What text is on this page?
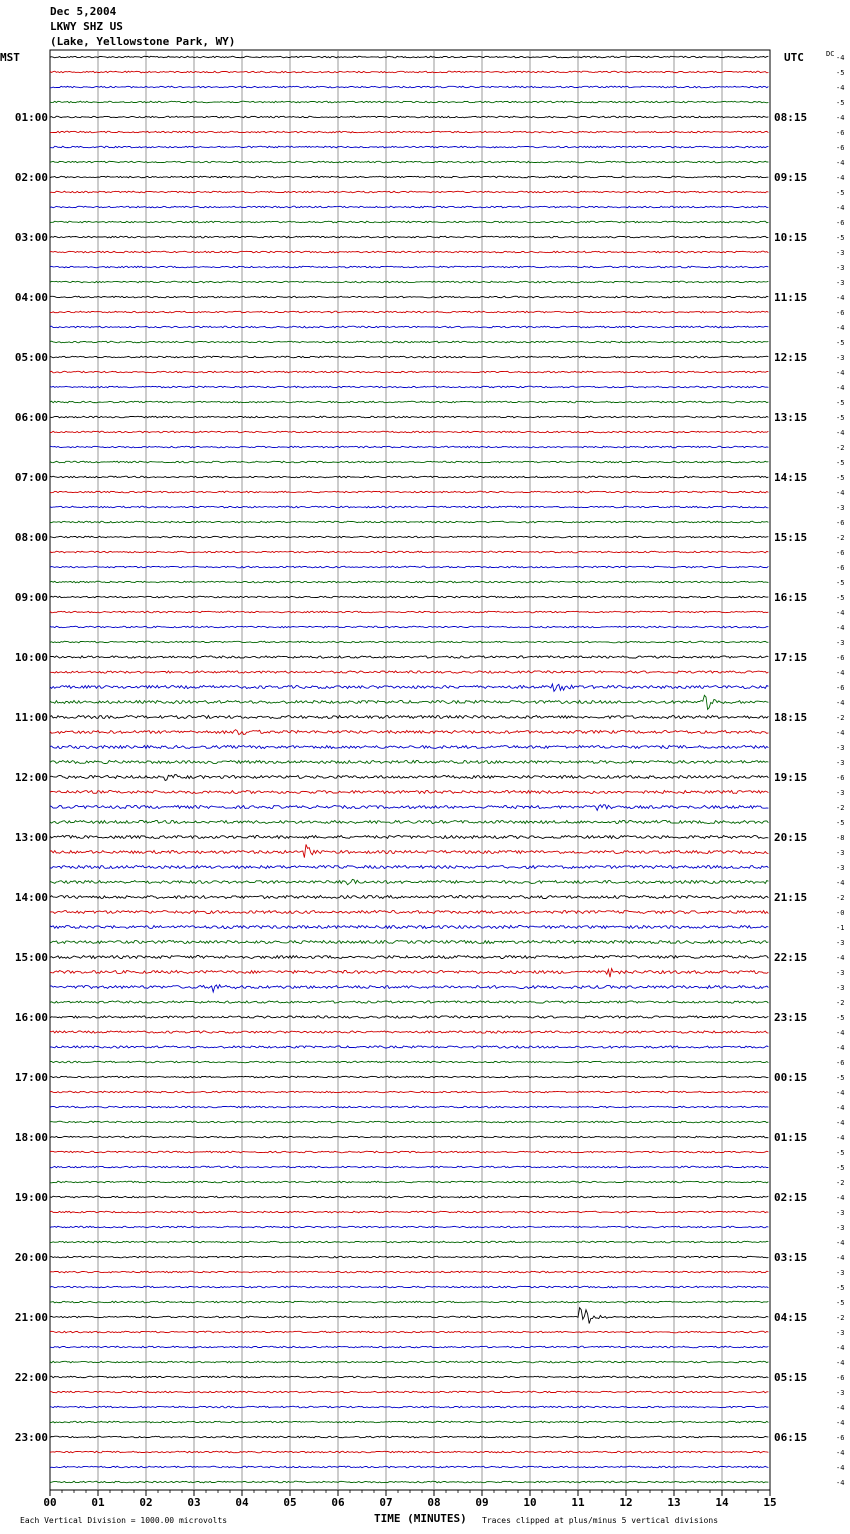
Dec 5,2004
LKWY SHZ US
(Lake, Yellowstone Park, WY)
01:00
02:00
03:00
04:00
05:00
06:00
07:00
08:00
09:00
10:00
11:00
12:00
13:00
14:00
15:00
16:00
17:00
18:00
19:00
20:00
21:00
22:00
23:00
08:15
09:15
10:15
11:15
12:15
13:15
14:15
15:15
16:15
17:15
18:15
19:15
20:15
21:15
22:15
23:15
00:15
01:15
02:15
03:15
04:15
05:15
06:15
MST	UTC	DC -4
-5
-4
-5
-4
-6
-6
-4
-4
-5
-4
-6
-5
-3
-3
-3
-4
-6
-4
-5
-3
-4
-4
-5
-5
-4
-2
-5
-5
-4
-3
-6
-2
-6
-6
-5
-5
-4
-4
-3
-6
-4
-6
-4
-2
-4
-3
-3
-6
-3
-2
-5
-8
-3
-3
-4
-2
-0
-1
-3
-4
-3
-3
-2
-5
-4
-4
-6
-5
-4
-4
-4
-4
-5
-5
-2
-4
-3
-3
-4
-4
-3
-5
-5
-2
-3
-4
-4
-6
-3
-4
-4
-6
-4
-4
-4
00	01	02	03	04	05	06	07	08	09	10	11	12	13	14	15
Each Vertical Division = 1000.00 microvolts	TIME (MINUTES) Traces clipped at plus/minus 5 vertical divisions
